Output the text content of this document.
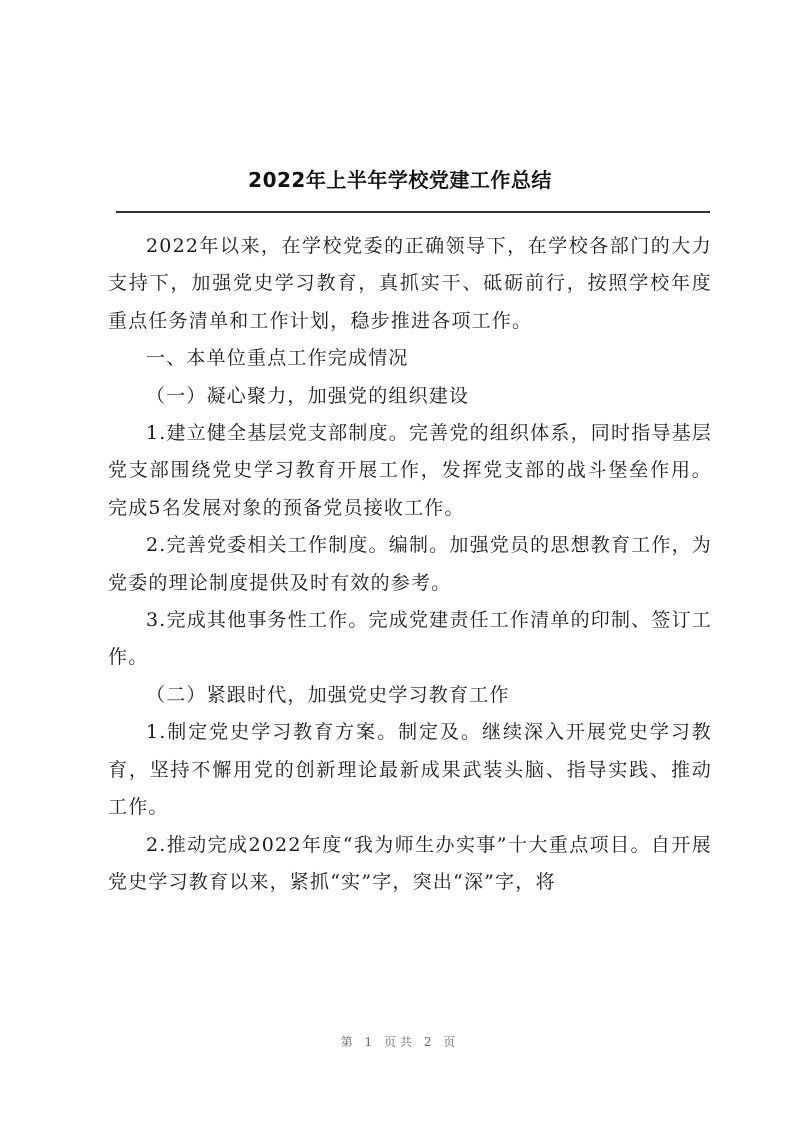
2022年上半年学校党建工作总结

2022年以来，在学校党委的正确领导下，在学校各部门的大力支持下，加强党史学习教育，真抓实干、砥砺前行，按照学校年度重点任务清单和工作计划，稳步推进各项工作。

一、本单位重点工作完成情况

（一）凝心聚力，加强党的组织建设

1.建立健全基层党支部制度。完善党的组织体系，同时指导基层党支部围绕党史学习教育开展工作，发挥党支部的战斗堡垒作用。完成5名发展对象的预备党员接收工作。

2.完善党委相关工作制度。编制。加强党员的思想教育工作，为党委的理论制度提供及时有效的参考。

3.完成其他事务性工作。完成党建责任工作清单的印制、签订工作。

（二）紧跟时代，加强党史学习教育工作

1.制定党史学习教育方案。制定及。继续深入开展党史学习教育，坚持不懈用党的创新理论最新成果武装头脑、指导实践、推动工作。

2.推动完成2022年度“我为师生办实事”十大重点项目。自开展党史学习教育以来，紧抓“实”字，突出“深”字，将

第 1 页共 2 页
